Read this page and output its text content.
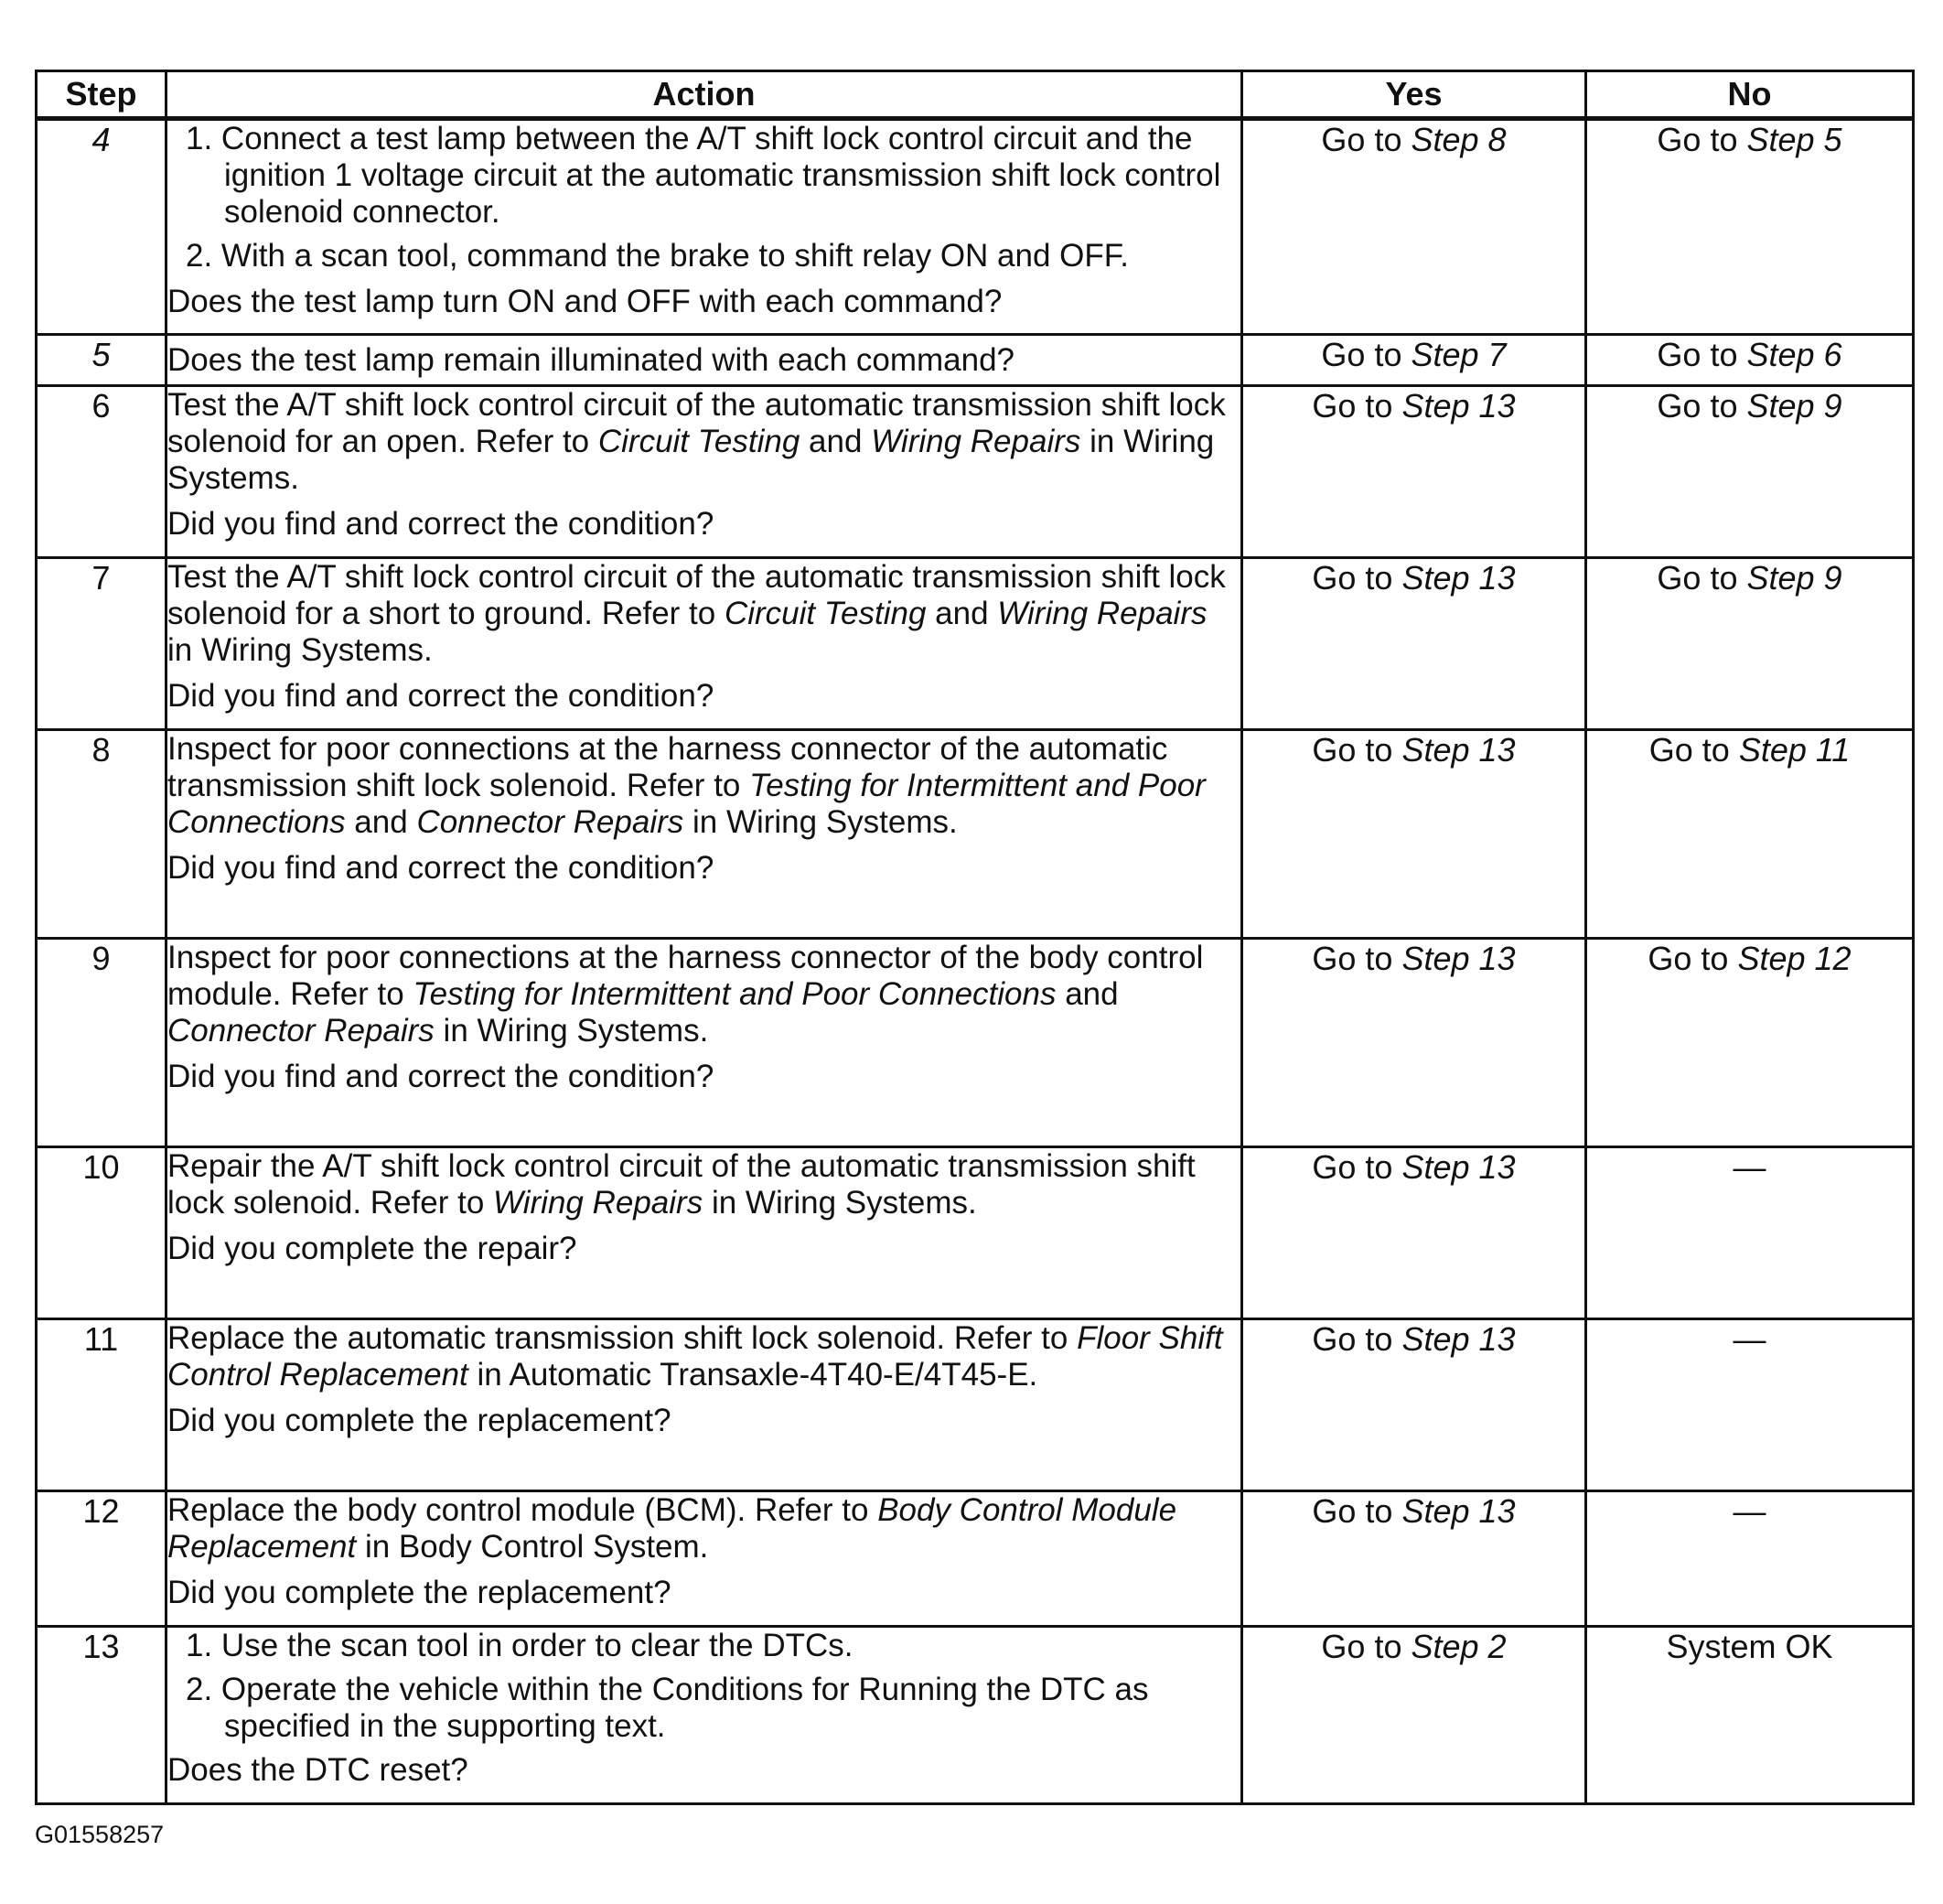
Step	Action	Yes	No
4	1. Connect a test lamp between the A/T shift lock control circuit and the ignition 1 voltage circuit at the automatic transmission shift lock control solenoid connector.
2. With a scan tool, command the brake to shift relay ON and OFF.
Does the test lamp turn ON and OFF with each command?	Go to Step 8	Go to Step 5
5	Does the test lamp remain illuminated with each command?	Go to Step 7	Go to Step 6
6	Test the A/T shift lock control circuit of the automatic transmission shift lock solenoid for an open. Refer to Circuit Testing and Wiring Repairs in Wiring Systems.
Did you find and correct the condition?	Go to Step 13	Go to Step 9
7	Test the A/T shift lock control circuit of the automatic transmission shift lock solenoid for a short to ground. Refer to Circuit Testing and Wiring Repairs in Wiring Systems.
Did you find and correct the condition?	Go to Step 13	Go to Step 9
8	Inspect for poor connections at the harness connector of the automatic transmission shift lock solenoid. Refer to Testing for Intermittent and Poor Connections and Connector Repairs in Wiring Systems.
Did you find and correct the condition?	Go to Step 13	Go to Step 11
9	Inspect for poor connections at the harness connector of the body control module. Refer to Testing for Intermittent and Poor Connections and Connector Repairs in Wiring Systems.
Did you find and correct the condition?	Go to Step 13	Go to Step 12
10	Repair the A/T shift lock control circuit of the automatic transmission shift lock solenoid. Refer to Wiring Repairs in Wiring Systems.
Did you complete the repair?	Go to Step 13	—
11	Replace the automatic transmission shift lock solenoid. Refer to Floor Shift Control Replacement in Automatic Transaxle-4T40-E/4T45-E.
Did you complete the replacement?	Go to Step 13	—
12	Replace the body control module (BCM). Refer to Body Control Module Replacement in Body Control System.
Did you complete the replacement?	Go to Step 13	—
13	1. Use the scan tool in order to clear the DTCs.
2. Operate the vehicle within the Conditions for Running the DTC as specified in the supporting text.
Does the DTC reset?	Go to Step 2	System OK
G01558257
